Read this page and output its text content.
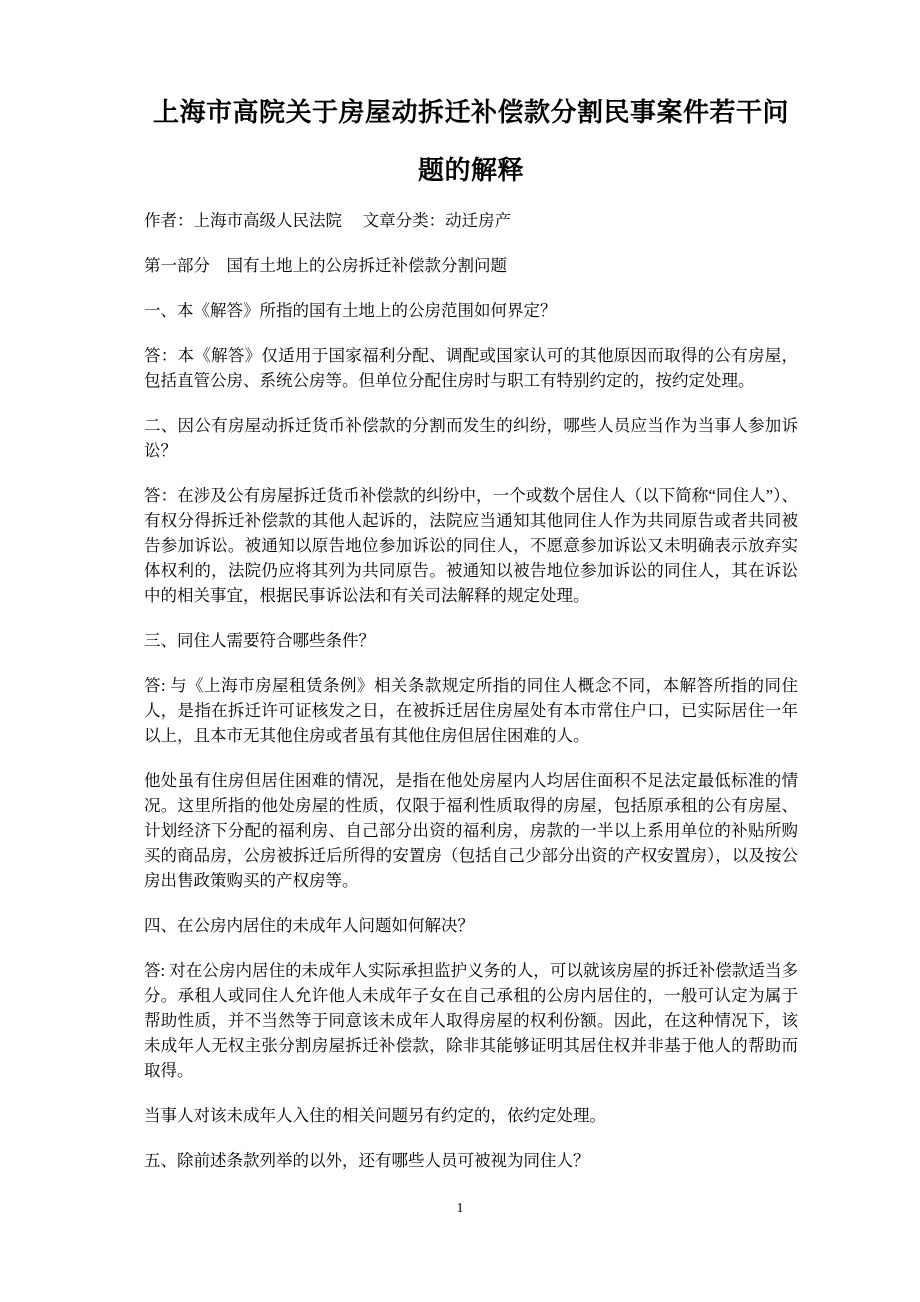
上海市高院关于房屋动拆迁补偿款分割民事案件若干问题的解释

作者：上海市高级人民法院　 文章分类：动迁房产

第一部分　国有土地上的公房拆迁补偿款分割问题

一、本《解答》所指的国有土地上的公房范围如何界定？

答：本《解答》仅适用于国家福利分配、调配或国家认可的其他原因而取得的公有房屋，包括直管公房、系统公房等。但单位分配住房时与职工有特别约定的，按约定处理。

二、因公有房屋动拆迁货币补偿款的分割而发生的纠纷，哪些人员应当作为当事人参加诉讼？

答：在涉及公有房屋拆迁货币补偿款的纠纷中，一个或数个居住人（以下简称“同住人”）、有权分得拆迁补偿款的其他人起诉的，法院应当通知其他同住人作为共同原告或者共同被告参加诉讼。被通知以原告地位参加诉讼的同住人，不愿意参加诉讼又未明确表示放弃实体权利的，法院仍应将其列为共同原告。被通知以被告地位参加诉讼的同住人，其在诉讼中的相关事宜，根据民事诉讼法和有关司法解释的规定处理。

三、同住人需要符合哪些条件？

答: 与《上海市房屋租赁条例》相关条款规定所指的同住人概念不同，本解答所指的同住人，是指在拆迁许可证核发之日，在被拆迁居住房屋处有本市常住户口，已实际居住一年以上，且本市无其他住房或者虽有其他住房但居住困难的人。

他处虽有住房但居住困难的情况，是指在他处房屋内人均居住面积不足法定最低标准的情况。这里所指的他处房屋的性质，仅限于福利性质取得的房屋，包括原承租的公有房屋、计划经济下分配的福利房、自己部分出资的福利房，房款的一半以上系用单位的补贴所购买的商品房，公房被拆迁后所得的安置房（包括自己少部分出资的产权安置房），以及按公房出售政策购买的产权房等。

四、在公房内居住的未成年人问题如何解决？

答: 对在公房内居住的未成年人实际承担监护义务的人，可以就该房屋的拆迁补偿款适当多分。承租人或同住人允许他人未成年子女在自己承租的公房内居住的，一般可认定为属于帮助性质，并不当然等于同意该未成年人取得房屋的权利份额。因此，在这种情况下，该未成年人无权主张分割房屋拆迁补偿款，除非其能够证明其居住权并非基于他人的帮助而取得。

当事人对该未成年人入住的相关问题另有约定的，依约定处理。

五、除前述条款列举的以外，还有哪些人员可被视为同住人？

1
